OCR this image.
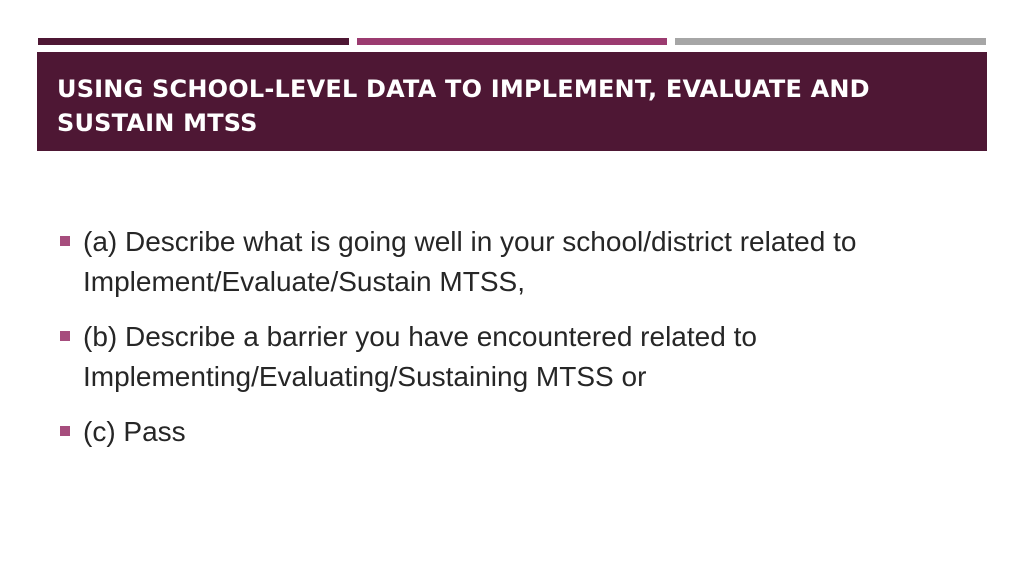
USING SCHOOL-LEVEL DATA TO IMPLEMENT, EVALUATE AND SUSTAIN MTSS
(a) Describe what is going well in your school/district related to Implement/Evaluate/Sustain MTSS,
(b) Describe a barrier you have encountered related to Implementing/Evaluating/Sustaining MTSS or
(c) Pass
